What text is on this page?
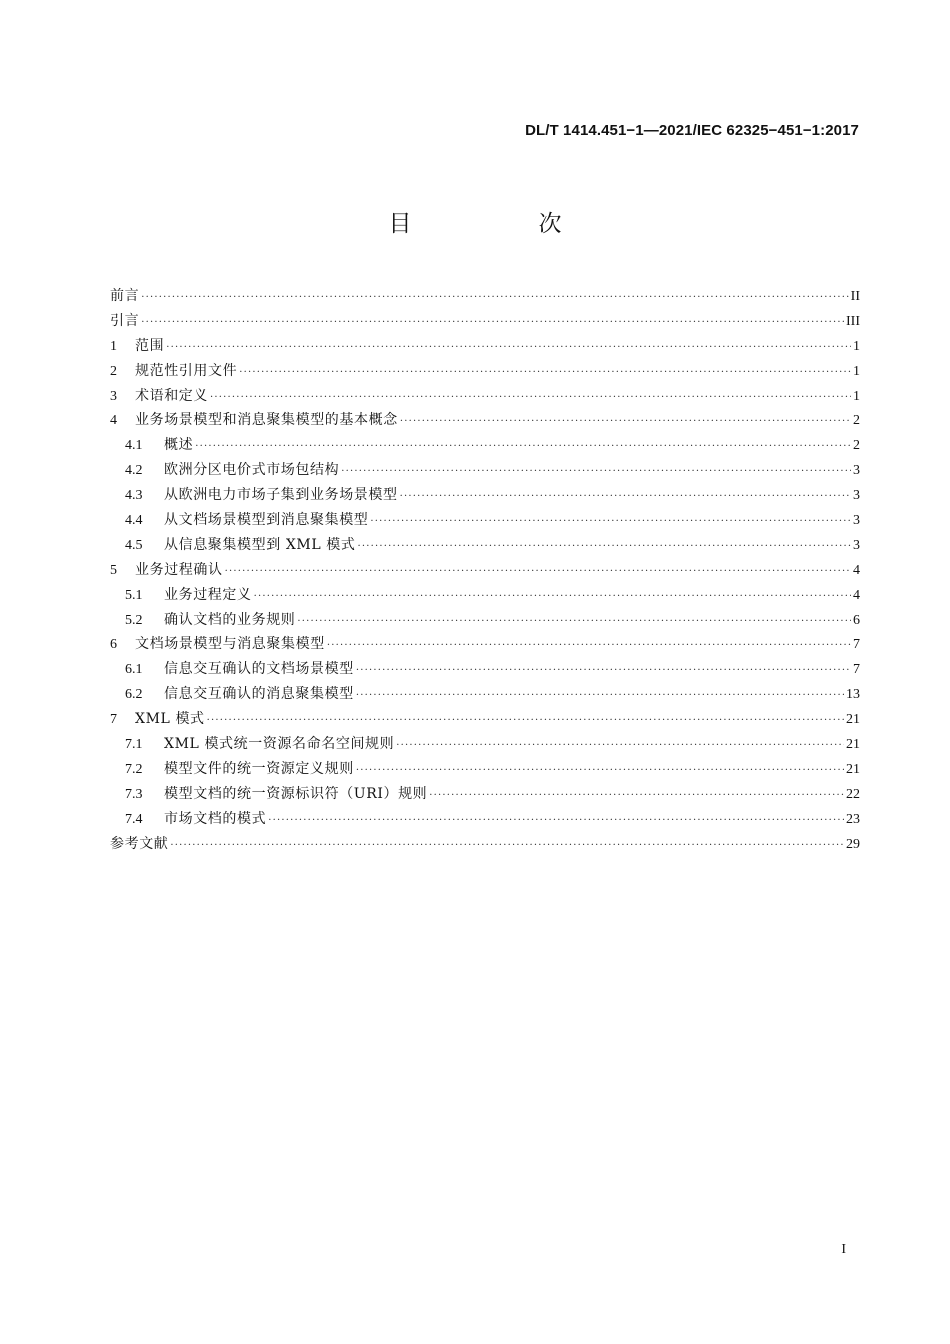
DL/T 1414.451−1—2021/IEC 62325−451−1:2017
目　次
前言 ·····	II
引言 ·····	III
1	范围 ·····	1
2	规范性引用文件 ·····	1
3	术语和定义 ·····	1
4	业务场景模型和消息聚集模型的基本概念 ·····	2
4.1	概述 ·····	2
4.2	欧洲分区电价式市场包结构 ·····	3
4.3	从欧洲电力市场子集到业务场景模型 ·····	3
4.4	从文档场景模型到消息聚集模型 ·····	3
4.5	从信息聚集模型到 XML 模式 ·····	3
5	业务过程确认 ·····	4
5.1	业务过程定义 ·····	4
5.2	确认文档的业务规则 ·····	6
6	文档场景模型与消息聚集模型 ·····	7
6.1	信息交互确认的文档场景模型 ·····	7
6.2	信息交互确认的消息聚集模型 ·····	13
7	XML 模式 ·····	21
7.1	XML 模式统一资源名命名空间规则 ·····	21
7.2	模型文件的统一资源定义规则 ·····	21
7.3	模型文档的统一资源标识符（URI）规则 ·····	22
7.4	市场文档的模式 ·····	23
参考文献 ·····	29
I
